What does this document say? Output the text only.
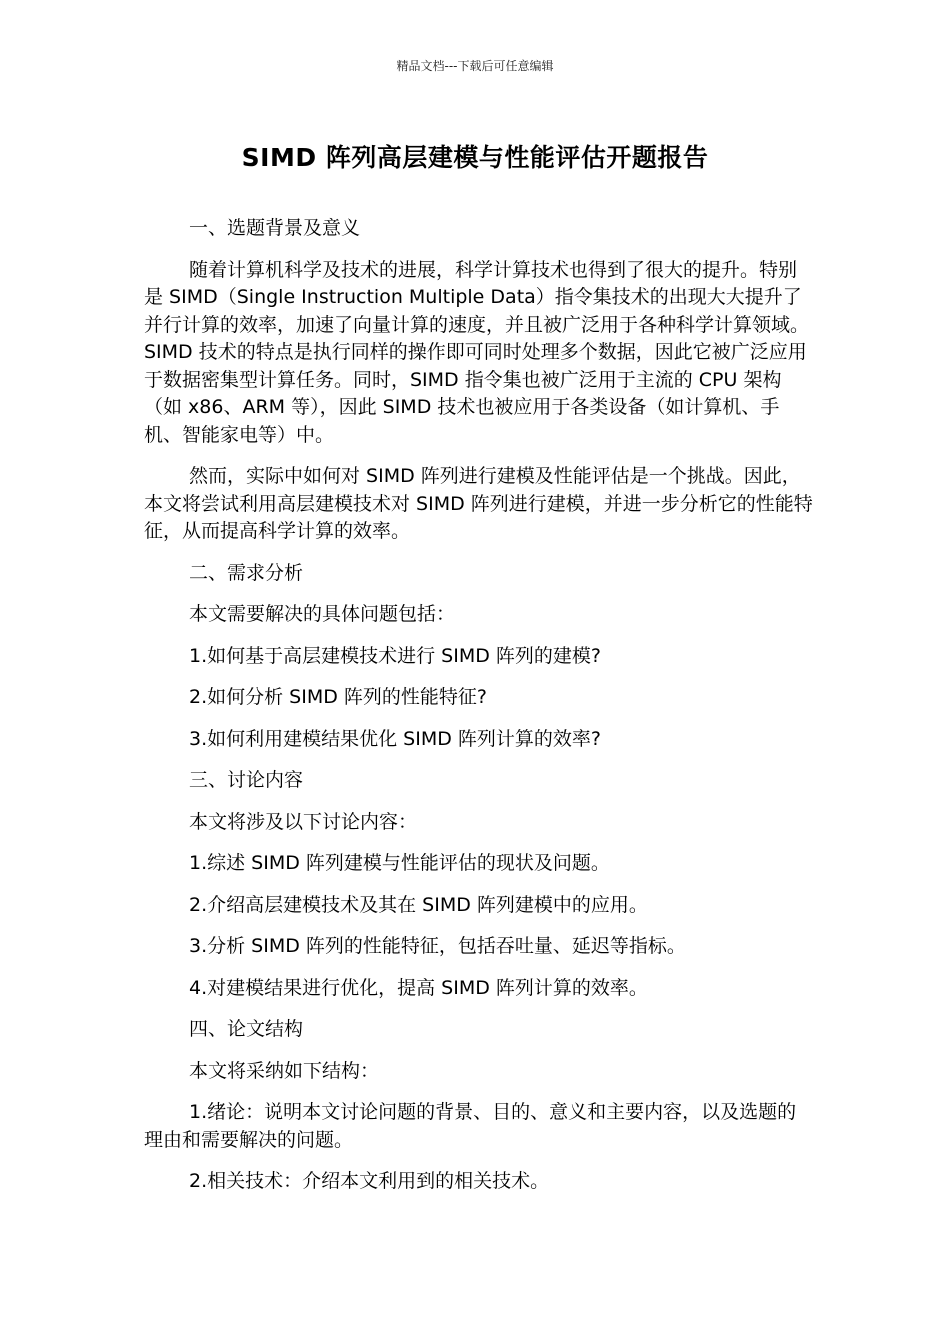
精品文档---下载后可任意编辑
SIMD 阵列高层建模与性能评估开题报告

一、选题背景及意义

随着计算机科学及技术的进展，科学计算技术也得到了很大的提升。特别是 SIMD（Single Instruction Multiple Data）指令集技术的出现大大提升了并行计算的效率，加速了向量计算的速度，并且被广泛用于各种科学计算领域。SIMD 技术的特点是执行同样的操作即可同时处理多个数据，因此它被广泛应用于数据密集型计算任务。同时，SIMD 指令集也被广泛用于主流的 CPU 架构（如 x86、ARM 等），因此 SIMD 技术也被应用于各类设备（如计算机、手机、智能家电等）中。

然而，实际中如何对 SIMD 阵列进行建模及性能评估是一个挑战。因此，本文将尝试利用高层建模技术对 SIMD 阵列进行建模，并进一步分析它的性能特征，从而提高科学计算的效率。

二、需求分析

本文需要解决的具体问题包括：

1.如何基于高层建模技术进行 SIMD 阵列的建模?

2.如何分析 SIMD 阵列的性能特征?

3.如何利用建模结果优化 SIMD 阵列计算的效率?

三、讨论内容

本文将涉及以下讨论内容：

1.综述 SIMD 阵列建模与性能评估的现状及问题。

2.介绍高层建模技术及其在 SIMD 阵列建模中的应用。

3.分析 SIMD 阵列的性能特征，包括吞吐量、延迟等指标。

4.对建模结果进行优化，提高 SIMD 阵列计算的效率。

四、论文结构

本文将采纳如下结构：

1.绪论：说明本文讨论问题的背景、目的、意义和主要内容，以及选题的理由和需要解决的问题。

2.相关技术：介绍本文利用到的相关技术。
